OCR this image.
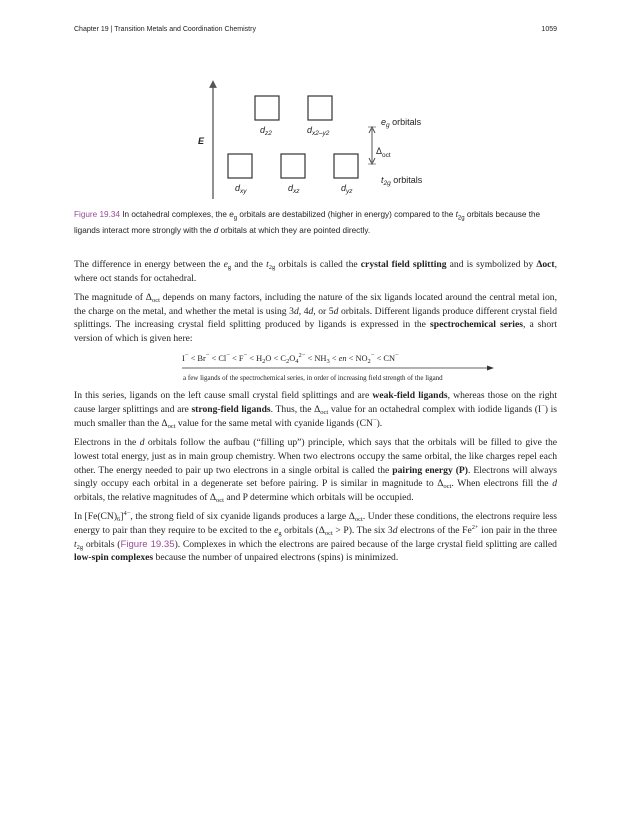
Chapter 19 | Transition Metals and Coordination Chemistry	1059
E
$d_{z2}$	$d_{x2-y2}$
$d_{xy}$	$d_{xz}$	$d_{yz}$
$e_g$ orbitals
$\Delta_{oct}$
$t_{2g}$ orbitals
Figure 19.34 In octahedral complexes, the $e_g$ orbitals are destabilized (higher in energy) compared to the $t_{2g}$ orbitals because the ligands interact more strongly with the d orbitals at which they are pointed directly.

The difference in energy between the $e_g$ and the $t_{2g}$ orbitals is called the crystal field splitting and is symbolized by Δoct, where oct stands for octahedral.

The magnitude of $\Delta_{oct}$ depends on many factors, including the nature of the six ligands located around the central metal ion, the charge on the metal, and whether the metal is using 3d, 4d, or 5d orbitals. Different ligands produce different crystal field splittings. The increasing crystal field splitting produced by ligands is expressed in the spectrochemical series, a short version of which is given here:

$I^- < Br^- < Cl^- < F^- < H_2O < C_2O_4^{2-} < NH_3$ < en < $NO_2^- < CN^-$
a few ligands of the spectrochemical series, in order of increasing field strength of the ligand

In this series, ligands on the left cause small crystal field splittings and are weak-field ligands, whereas those on the right cause larger splittings and are strong-field ligands. Thus, the $\Delta_{oct}$ value for an octahedral complex with iodide ligands (I−) is much smaller than the $\Delta_{oct}$ value for the same metal with cyanide ligands (CN−).

Electrons in the d orbitals follow the aufbau (“filling up”) principle, which says that the orbitals will be filled to give the lowest total energy, just as in main group chemistry. When two electrons occupy the same orbital, the like charges repel each other. The energy needed to pair up two electrons in a single orbital is called the pairing energy (P). Electrons will always singly occupy each orbital in a degenerate set before pairing. P is similar in magnitude to $\Delta_{oct}$. When electrons fill the d orbitals, the relative magnitudes of $\Delta_{oct}$ and P determine which orbitals will be occupied.

In $[Fe(CN)_6]^{4-}$, the strong field of six cyanide ligands produces a large $\Delta_{oct}$. Under these conditions, the electrons require less energy to pair than they require to be excited to the $e_g$ orbitals $(\Delta_{oct} > P)$. The six 3d electrons of the $Fe^{2+}$ ion pair in the three $t_{2g}$ orbitals (Figure 19.35). Complexes in which the electrons are paired because of the large crystal field splitting are called low-spin complexes because the number of unpaired electrons (spins) is minimized.
